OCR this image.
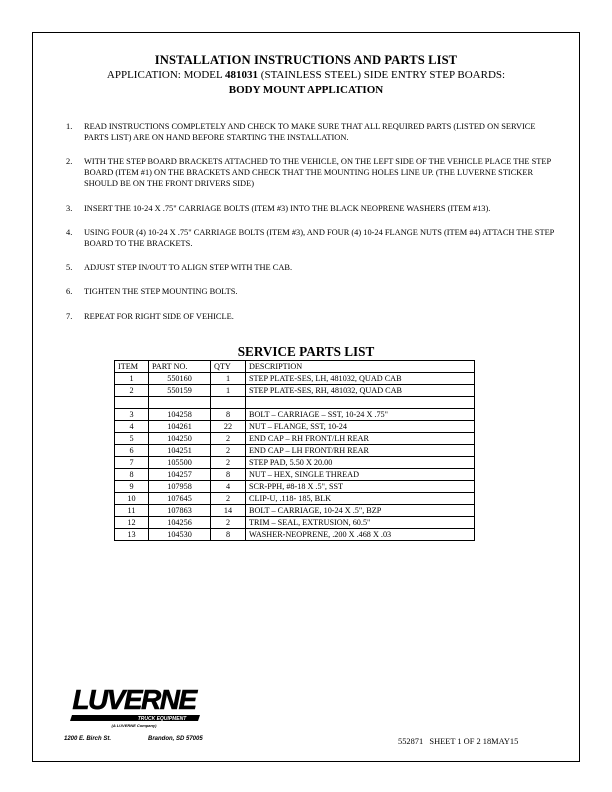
INSTALLATION INSTRUCTIONS AND PARTS LIST
APPLICATION: MODEL 481031 (STAINLESS STEEL) SIDE ENTRY STEP BOARDS:
BODY MOUNT APPLICATION
1. READ INSTRUCTIONS COMPLETELY AND CHECK TO MAKE SURE THAT ALL REQUIRED PARTS (LISTED ON SERVICE PARTS LIST) ARE ON HAND BEFORE STARTING THE INSTALLATION.
2. WITH THE STEP BOARD BRACKETS ATTACHED TO THE VEHICLE, ON THE LEFT SIDE OF THE VEHICLE PLACE THE STEP BOARD (ITEM #1) ON THE BRACKETS AND CHECK THAT THE MOUNTING HOLES LINE UP. (THE LUVERNE STICKER SHOULD BE ON THE FRONT DRIVERS SIDE)
3. INSERT THE 10-24 X .75" CARRIAGE BOLTS (ITEM #3) INTO THE BLACK NEOPRENE WASHERS (ITEM #13).
4. USING FOUR (4) 10-24 X .75" CARRIAGE BOLTS (ITEM #3), AND FOUR (4) 10-24 FLANGE NUTS (ITEM #4) ATTACH THE STEP BOARD TO THE BRACKETS.
5. ADJUST STEP IN/OUT TO ALIGN STEP WITH THE CAB.
6. TIGHTEN THE STEP MOUNTING BOLTS.
7. REPEAT FOR RIGHT SIDE OF VEHICLE.
SERVICE PARTS LIST
ITEM	PART NO.	QTY	DESCRIPTION
1	550160	1	STEP PLATE-SES, LH, 481032, QUAD CAB
2	550159	1	STEP PLATE-SES, RH, 481032, QUAD CAB

3	104258	8	BOLT – CARRIAGE – SST, 10-24 X .75"
4	104261	22	NUT – FLANGE, SST, 10-24
5	104250	2	END CAP – RH FRONT/LH REAR
6	104251	2	END CAP – LH FRONT/RH REAR
7	105500	2	STEP PAD, 5.50 X 20.00
8	104257	8	NUT – HEX, SINGLE THREAD
9	107958	4	SCR-PPH, #8-18 X .5", SST
10	107645	2	CLIP-U, .118- 185, BLK
11	107863	14	BOLT – CARRIAGE, 10-24 X .5", BZP
12	104256	2	TRIM – SEAL, EXTRUSION, 60.5"
13	104530	8	WASHER-NEOPRENE, .200 X .468 X .03
LUVERNE
TRUCK EQUIPMENT
(A LUVERNE Company)
1200 E. Birch St.	Brandon, SD 57005	552871   SHEET 1 OF 2 18MAY15
